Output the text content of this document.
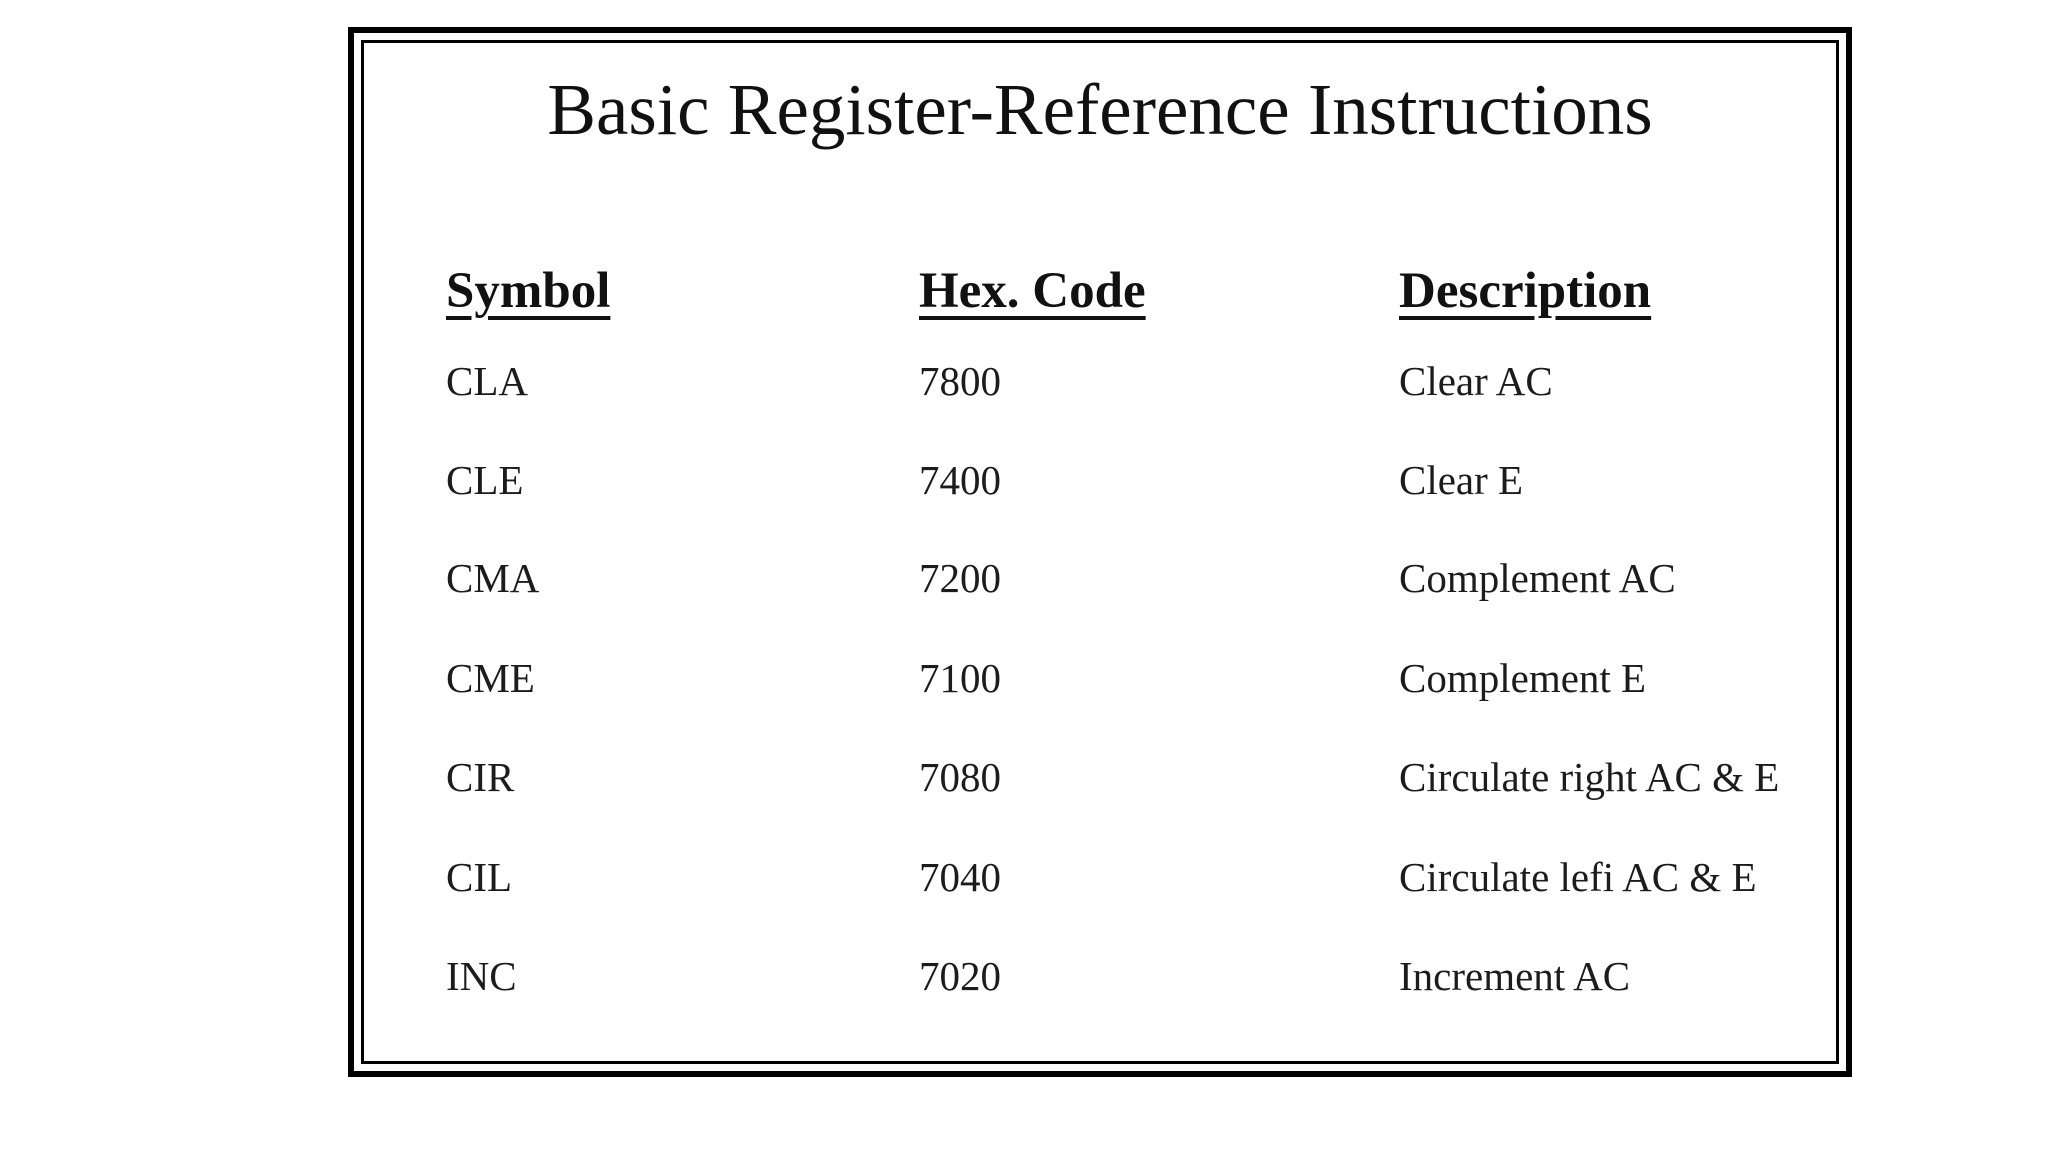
Basic Register-Reference Instructions
Symbol	Hex. Code	Description
CLA	7800	Clear AC
CLE	7400	Clear E
CMA	7200	Complement AC
CME	7100	Complement E
CIR	7080	Circulate right AC & E
CIL	7040	Circulate lefi AC & E
INC	7020	Increment AC
